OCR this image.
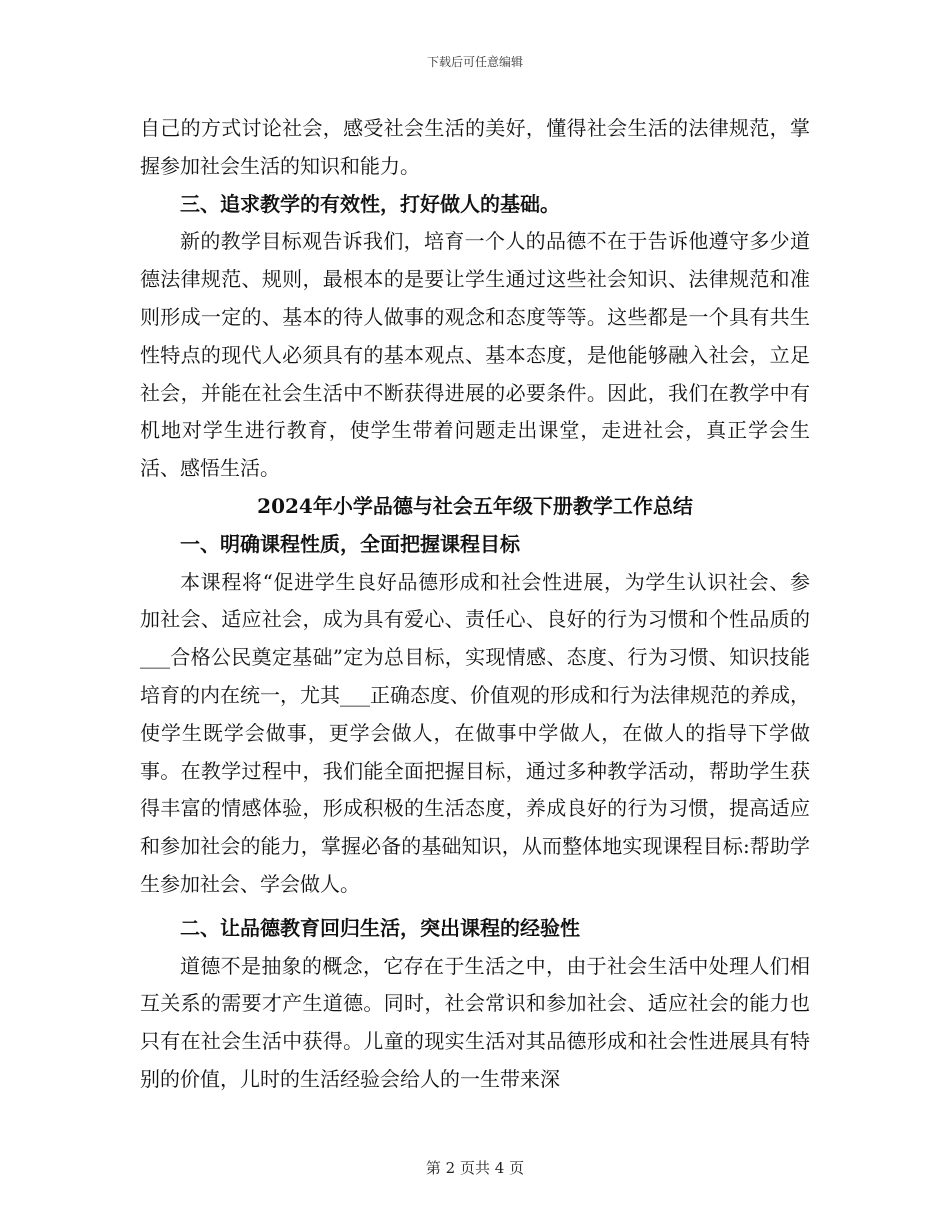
下载后可任意编辑

自己的方式讨论社会，感受社会生活的美好，懂得社会生活的法律规范，掌握参加社会生活的知识和能力。

三、追求教学的有效性，打好做人的基础。

新的教学目标观告诉我们，培育一个人的品德不在于告诉他遵守多少道德法律规范、规则，最根本的是要让学生通过这些社会知识、法律规范和准则形成一定的、基本的待人做事的观念和态度等等。这些都是一个具有共生性特点的现代人必须具有的基本观点、基本态度，是他能够融入社会，立足社会，并能在社会生活中不断获得进展的必要条件。因此，我们在教学中有机地对学生进行教育，使学生带着问题走出课堂，走进社会，真正学会生活、感悟生活。

2024年小学品德与社会五年级下册教学工作总结

一、明确课程性质，全面把握课程目标

本课程将“促进学生良好品德形成和社会性进展，为学生认识社会、参加社会、适应社会，成为具有爱心、责任心、良好的行为习惯和个性品质的___合格公民奠定基础”定为总目标，实现情感、态度、行为习惯、知识技能培育的内在统一，尤其___正确态度、价值观的形成和行为法律规范的养成，使学生既学会做事，更学会做人，在做事中学做人，在做人的指导下学做事。在教学过程中，我们能全面把握目标，通过多种教学活动，帮助学生获得丰富的情感体验，形成积极的生活态度，养成良好的行为习惯，提高适应和参加社会的能力，掌握必备的基础知识，从而整体地实现课程目标:帮助学生参加社会、学会做人。

二、让品德教育回归生活，突出课程的经验性

道德不是抽象的概念，它存在于生活之中，由于社会生活中处理人们相互关系的需要才产生道德。同时，社会常识和参加社会、适应社会的能力也只有在社会生活中获得。儿童的现实生活对其品德形成和社会性进展具有特别的价值，儿时的生活经验会给人的一生带来深

第 2 页共 4 页
